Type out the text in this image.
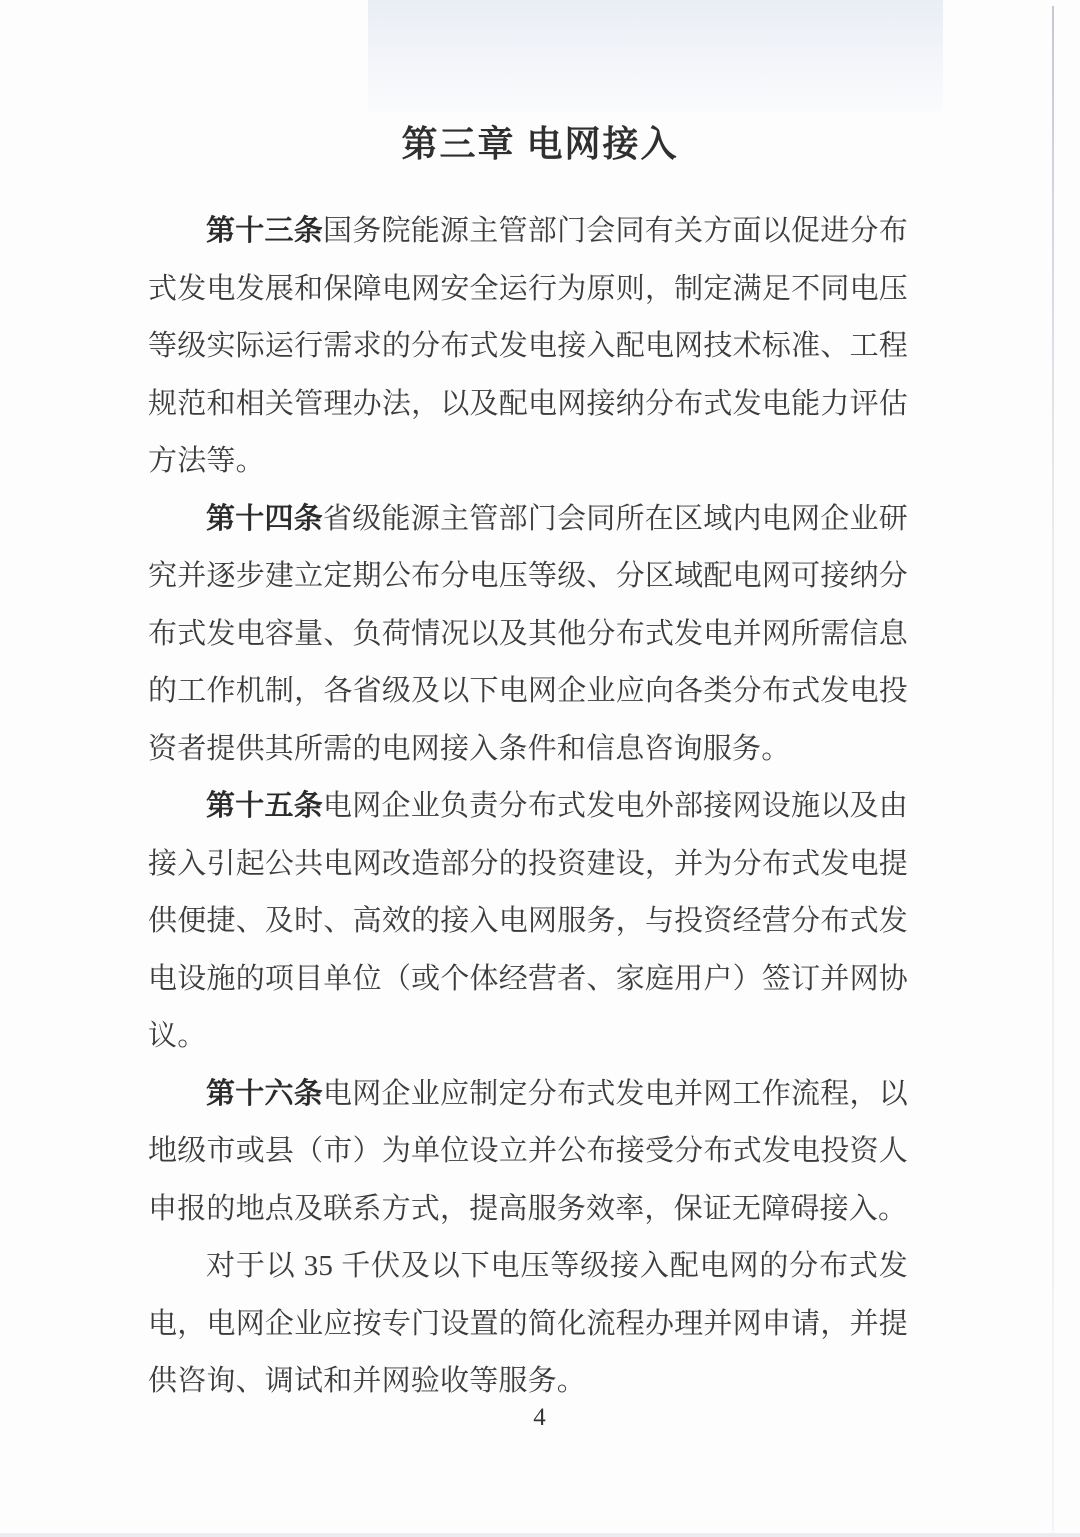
第三章 电网接入

第十三条国务院能源主管部门会同有关方面以促进分布式发电发展和保障电网安全运行为原则，制定满足不同电压等级实际运行需求的分布式发电接入配电网技术标准、工程规范和相关管理办法，以及配电网接纳分布式发电能力评估方法等。

第十四条省级能源主管部门会同所在区域内电网企业研究并逐步建立定期公布分电压等级、分区域配电网可接纳分布式发电容量、负荷情况以及其他分布式发电并网所需信息的工作机制，各省级及以下电网企业应向各类分布式发电投资者提供其所需的电网接入条件和信息咨询服务。

第十五条电网企业负责分布式发电外部接网设施以及由接入引起公共电网改造部分的投资建设，并为分布式发电提供便捷、及时、高效的接入电网服务，与投资经营分布式发电设施的项目单位（或个体经营者、家庭用户）签订并网协议。

第十六条电网企业应制定分布式发电并网工作流程，以地级市或县（市）为单位设立并公布接受分布式发电投资人申报的地点及联系方式，提高服务效率，保证无障碍接入。

对于以 35 千伏及以下电压等级接入配电网的分布式发电，电网企业应按专门设置的简化流程办理并网申请，并提供咨询、调试和并网验收等服务。

4
